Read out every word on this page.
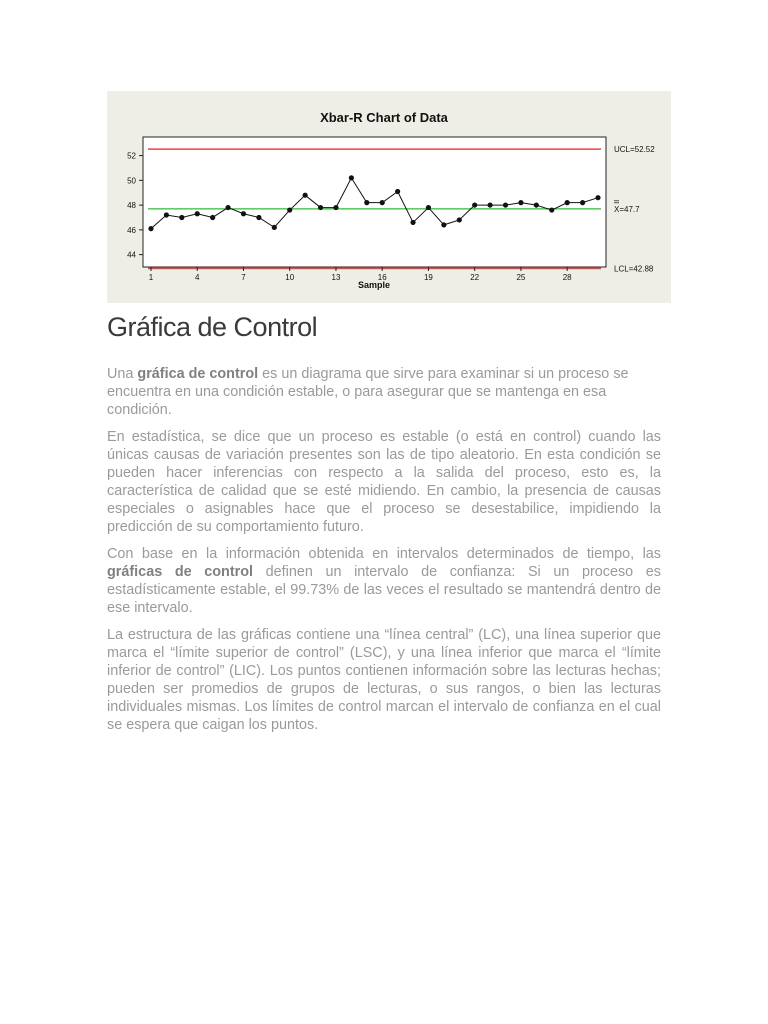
Xbar-R Chart of Data
44
46
48
50
52
1	4	7	10	13	16	19	22	25	28
UCL=52.52
X=47.7
LCL=42.88
Sample
Gráfica de Control

Una gráfica de control es un diagrama que sirve para examinar si un proceso se encuentra en una condición estable, o para asegurar que se mantenga en esa condición.

En estadística, se dice que un proceso es estable (o está en control) cuando las únicas causas de variación presentes son las de tipo aleatorio. En esta condición se pueden hacer inferencias con respecto a la salida del proceso, esto es, la característica de calidad que se esté midiendo. En cambio, la presencia de causas especiales o asignables hace que el proceso se desestabilice, impidiendo la predicción de su comportamiento futuro.

Con base en la información obtenida en intervalos determinados de tiempo, las gráficas de control definen un intervalo de confianza: Si un proceso es estadísticamente estable, el 99.73% de las veces el resultado se mantendrá dentro de ese intervalo.

La estructura de las gráficas contiene una “línea central” (LC), una línea superior que marca el “límite superior de control” (LSC), y una línea inferior que marca el “límite inferior de control” (LIC). Los puntos contienen información sobre las lecturas hechas; pueden ser promedios de grupos de lecturas, o sus rangos, o bien las lecturas individuales mismas. Los límites de control marcan el intervalo de confianza en el cual se espera que caigan los puntos.
